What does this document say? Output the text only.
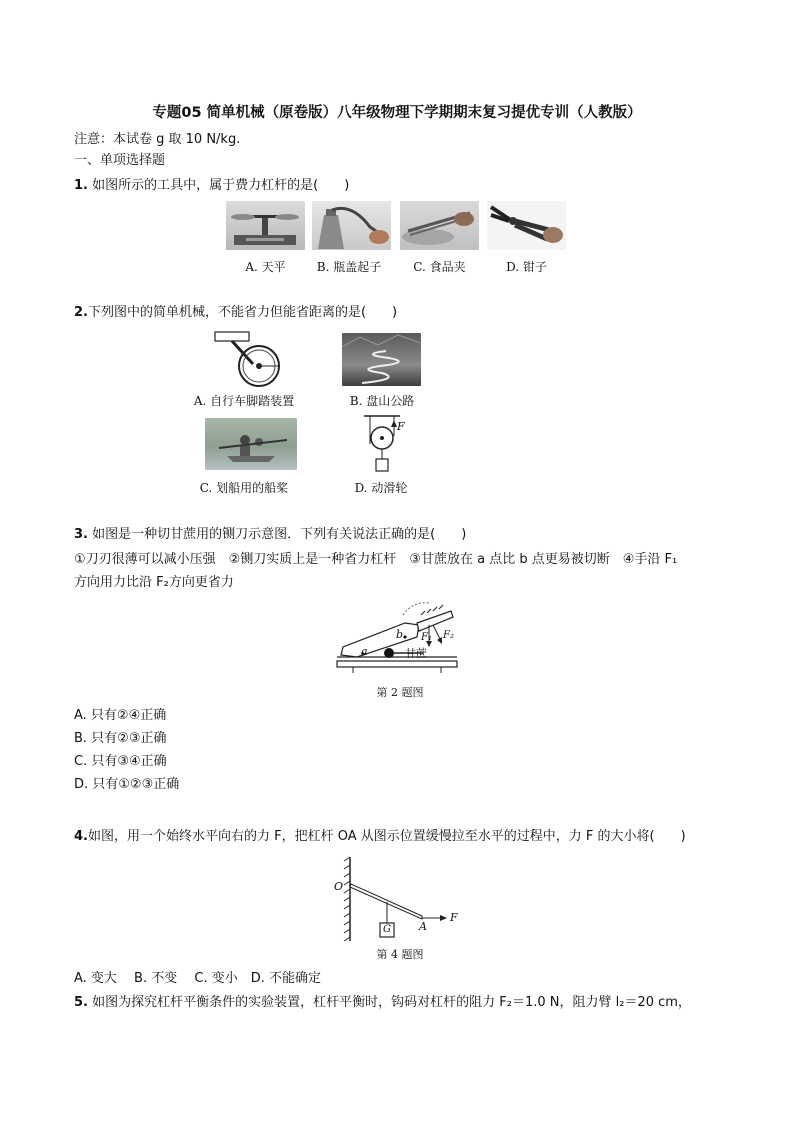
专题05 简单机械（原卷版）八年级物理下学期期末复习提优专训（人教版）
注意：本试卷 g 取 10 N/kg.
一、单项选择题
1. 如图所示的工具中，属于费力杠杆的是(　　)
A. 天平	B. 瓶盖起子	C. 食品夹	D. 钳子
2.下列图中的简单机械，不能省力但能省距离的是(　　)
A. 自行车脚踏装置	B. 盘山公路
F
C. 划船用的船桨	D. 动滑轮
3. 如图是一种切甘蔗用的铡刀示意图．下列有关说法正确的是(　　)
①刀刃很薄可以减小压强　②铡刀实质上是一种省力杠杆　③甘蔗放在 a 点比 b 点更易被切断　④手沿 F₁
方向用力比沿 F₂方向更省力
a
b
甘蔗
F₁ F₂
第 2 题图
A. 只有②④正确
B. 只有②③正确
C. 只有③④正确
D. 只有①②③正确
4.如图，用一个始终水平向右的力 F，把杠杆 OA 从图示位置缓慢拉至水平的过程中，力 F 的大小将(　　)
O
A
F
G
第 4 题图
A. 变大　 B. 不变　 C. 变小　D. 不能确定
5. 如图为探究杠杆平衡条件的实验装置，杠杆平衡时，钩码对杠杆的阻力 F₂＝1.0 N，阻力臂 l₂＝20 cm，
